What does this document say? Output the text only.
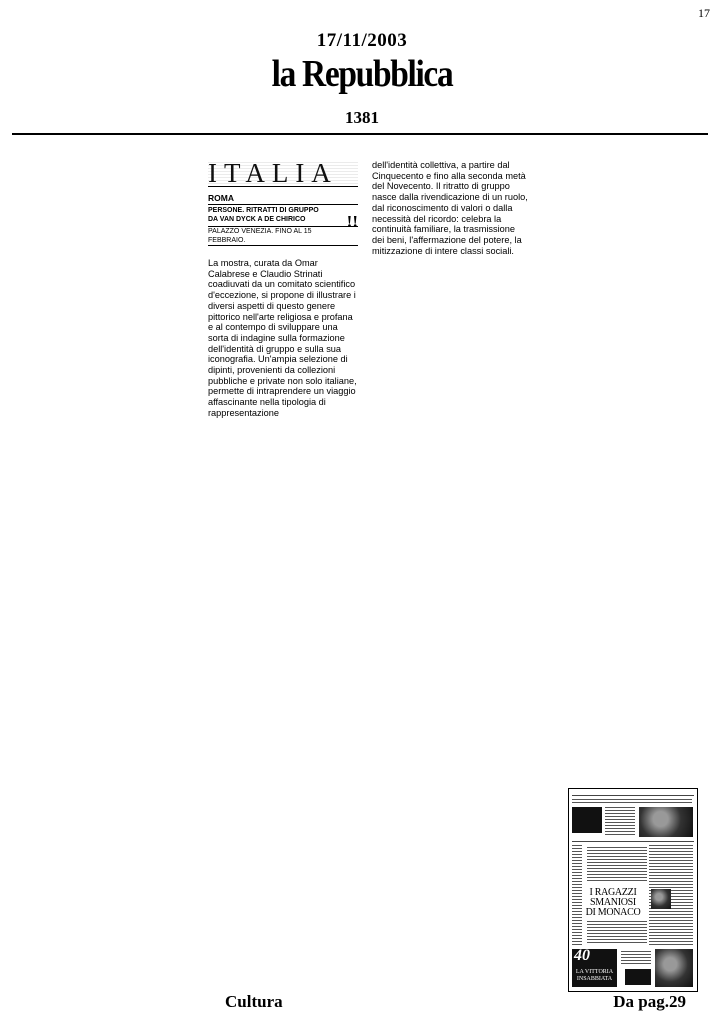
17
17/11/2003
la Repubblica
1381
ITALIA
ROMA
PERSONE. RITRATTI DI GRUPPO
DA VAN DYCK A DE CHIRICO
PALAZZO VENEZIA. FINO AL 15 FEBBRAIO.
!!
La mostra, curata da Omar Calabrese e Claudio Strinati coadiuvati da un comitato scientifico d'eccezione, si propone di illustrare i diversi aspetti di questo genere pittorico nell'arte religiosa e profana e al contempo di sviluppare una sorta di indagine sulla formazione dell'identità di gruppo e sulla sua iconografia. Un'ampia selezione di dipinti, provenienti da collezioni pubbliche e private non solo italiane, permette di intraprendere un viaggio affascinante nella tipologia di rappresentazione
dell'identità collettiva, a partire dal Cinquecento e fino alla seconda metà del Novecento. Il ritratto di gruppo nasce dalla rivendicazione di un ruolo, dal riconoscimento di valori o dalla necessità del ricordo: celebra la continuità familiare, la trasmissione dei beni, l'affermazione del potere, la mitizzazione di intere classi sociali.
I RAGAZZI
SMANIOSI
DI MONACO
LA VITTORIA INSABBIATA
40
Cultura	Da pag.29
